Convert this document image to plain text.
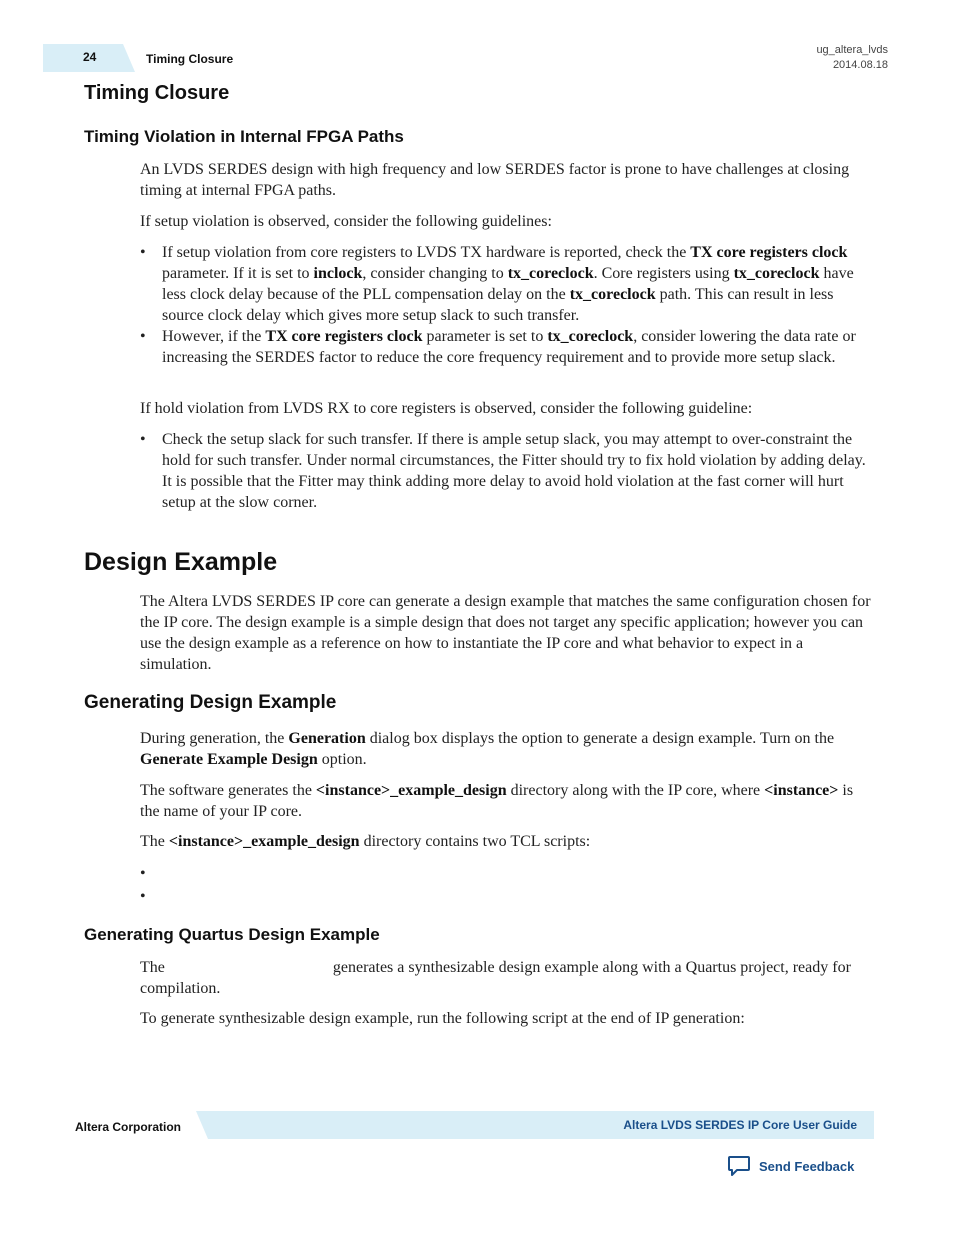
24	Timing Closure
ug_altera_lvds
2014.08.18
Timing Closure
Timing Violation in Internal FPGA Paths
An LVDS SERDES design with high frequency and low SERDES factor is prone to have challenges at closing timing at internal FPGA paths.
If setup violation is observed, consider the following guidelines:
• If setup violation from core registers to LVDS TX hardware is reported, check the TX core registers clock parameter. If it is set to inclock, consider changing to tx_coreclock. Core registers using tx_coreclock have less clock delay because of the PLL compensation delay on the tx_coreclock path. This can result in less source clock delay which gives more setup slack to such transfer.
• However, if the TX core registers clock parameter is set to tx_coreclock, consider lowering the data rate or increasing the SERDES factor to reduce the core frequency requirement and to provide more setup slack.
If hold violation from LVDS RX to core registers is observed, consider the following guideline:
• Check the setup slack for such transfer. If there is ample setup slack, you may attempt to over-constraint the hold for such transfer. Under normal circumstances, the Fitter should try to fix hold violation by adding delay. It is possible that the Fitter may think adding more delay to avoid hold violation at the fast corner will hurt setup at the slow corner.
Design Example
The Altera LVDS SERDES IP core can generate a design example that matches the same configuration chosen for the IP core. The design example is a simple design that does not target any specific application; however you can use the design example as a reference on how to instantiate the IP core and what behavior to expect in a simulation.
Generating Design Example
During generation, the Generation dialog box displays the option to generate a design example. Turn on the Generate Example Design option.
The software generates the <instance>_example_design directory along with the IP core, where <instance> is the name of your IP core.
The <instance>_example_design directory contains two TCL scripts:
•
•
Generating Quartus Design Example
The	generates a synthesizable design example along with a Quartus project, ready for compilation.
To generate synthesizable design example, run the following script at the end of IP generation:
Altera Corporation	Altera LVDS SERDES IP Core User Guide
Send Feedback
